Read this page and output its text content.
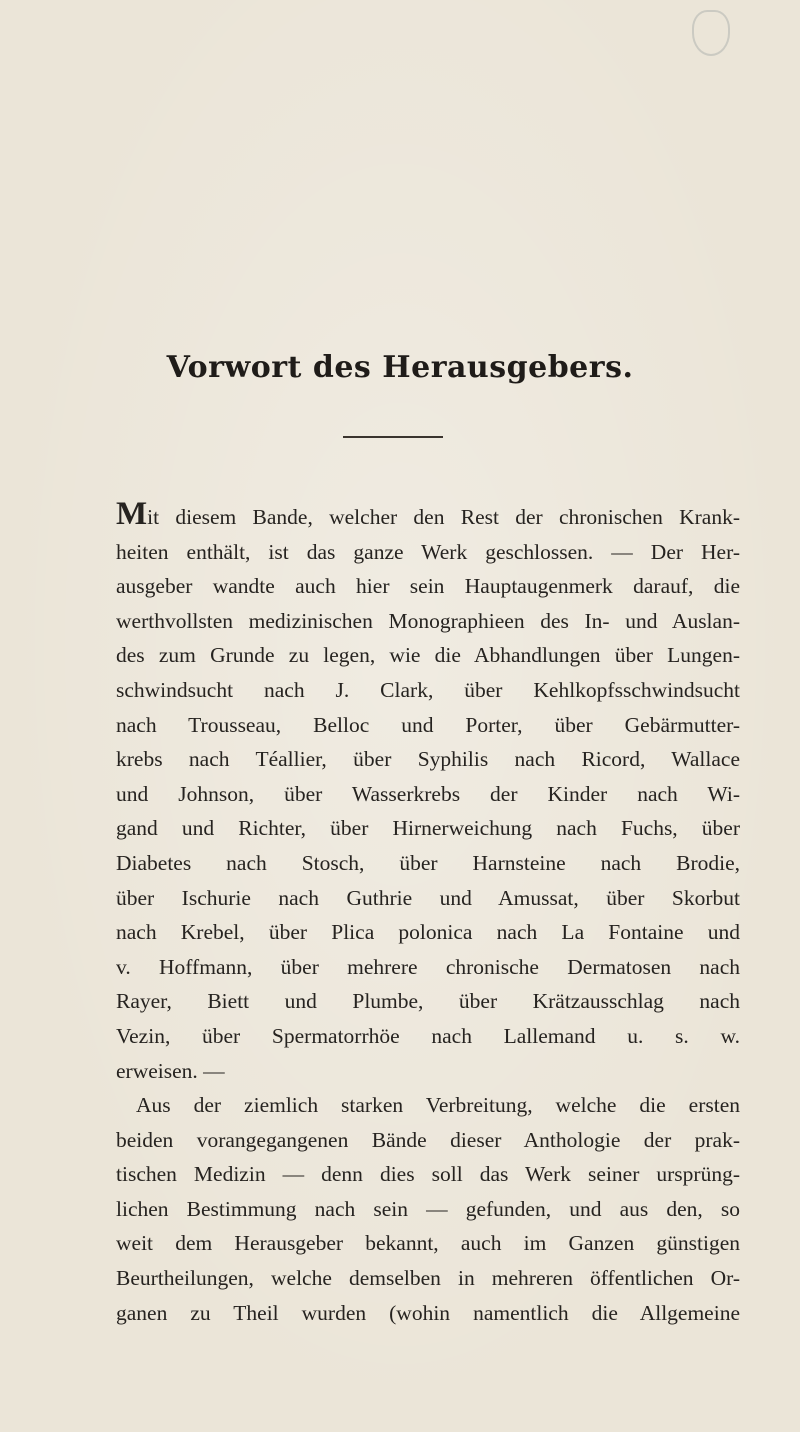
Vorwort des Herausgebers.
Mit diesem Bande, welcher den Rest der chronischen Krank-
heiten enthält, ist das ganze Werk geschlossen. — Der Her-
ausgeber wandte auch hier sein Hauptaugenmerk darauf, die
werthvollsten medizinischen Monographieen des In- und Auslan-
des zum Grunde zu legen, wie die Abhandlungen über Lungen-
schwindsucht nach J. Clark, über Kehlkopfsschwindsucht
nach Trousseau, Belloc und Porter, über Gebärmutter-
krebs nach Téallier, über Syphilis nach Ricord, Wallace
und Johnson, über Wasserkrebs der Kinder nach Wi-
gand und Richter, über Hirnerweichung nach Fuchs, über
Diabetes nach Stosch, über Harnsteine nach Brodie,
über Ischurie nach Guthrie und Amussat, über Skorbut
nach Krebel, über Plica polonica nach La Fontaine und
v. Hoffmann, über mehrere chronische Dermatosen nach
Rayer, Biett und Plumbe, über Krätzausschlag nach
Vezin, über Spermatorrhöe nach Lallemand u. s. w.
erweisen. —
Aus der ziemlich starken Verbreitung, welche die ersten
beiden vorangegangenen Bände dieser Anthologie der prak-
tischen Medizin — denn dies soll das Werk seiner ursprüng-
lichen Bestimmung nach sein — gefunden, und aus den, so
weit dem Herausgeber bekannt, auch im Ganzen günstigen
Beurtheilungen, welche demselben in mehreren öffentlichen Or-
ganen zu Theil wurden (wohin namentlich die Allgemeine
